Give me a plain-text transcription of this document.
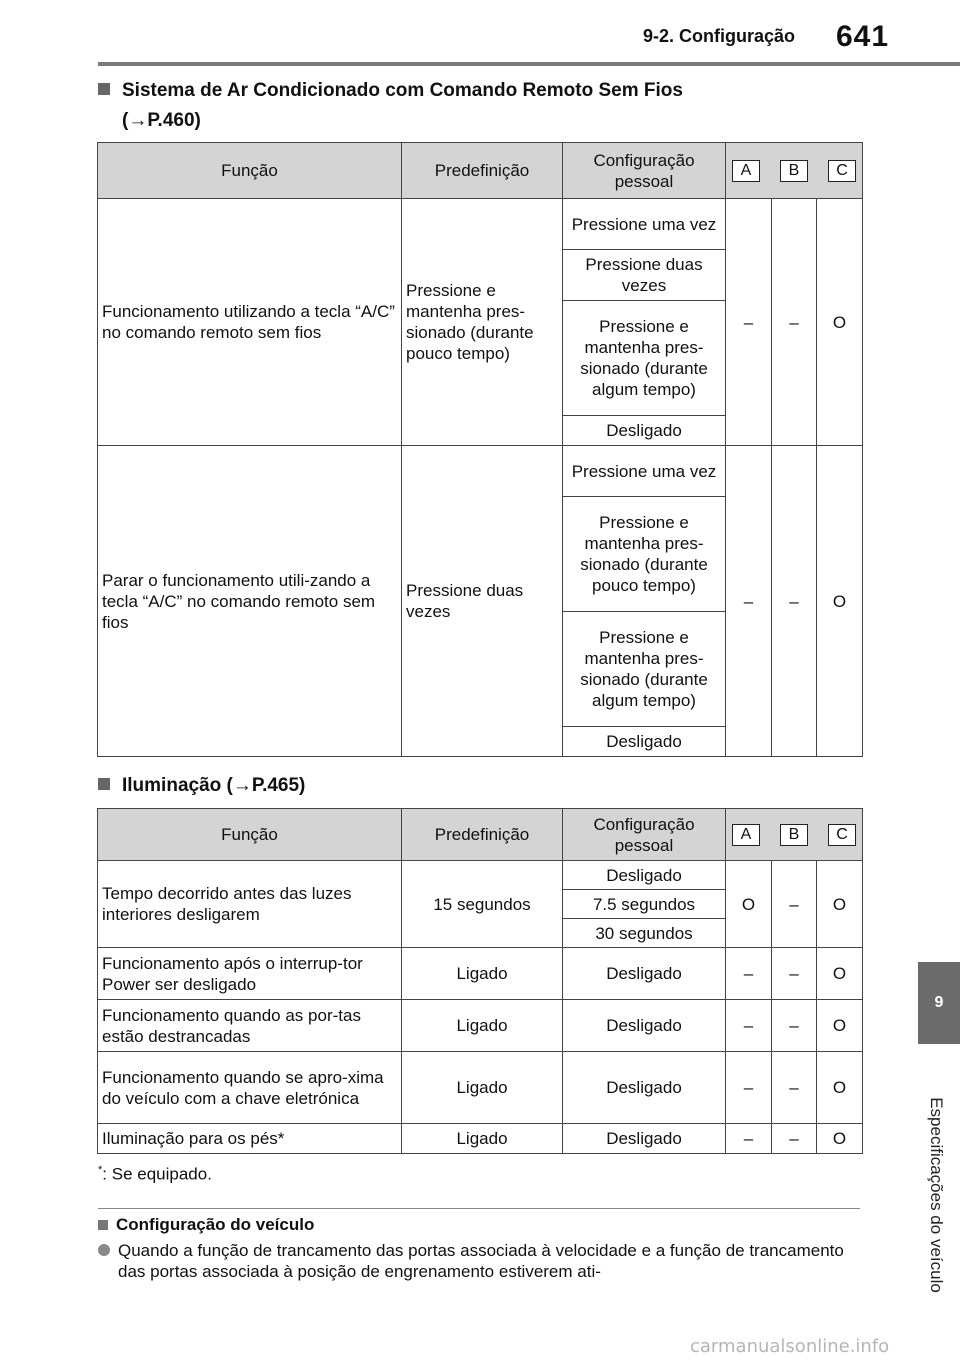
9-2. Configuração 641
9
Especificações do veículo
Sistema de Ar Condicionado com Comando Remoto Sem Fios
(→P.460)
Função	Predefinição	Configuração pessoal	A B C		

Funcionamento utilizando a tecla “A/C” no comando remoto sem fios	Pressione e mantenha pres-sionado (durante pouco tempo)	Pressione uma vez	–	–	O
		Pressione duas vezes			
		Pressione e mantenha pres-sionado (durante algum tempo)			
		Desligado			
Parar o funcionamento utili-zando a tecla “A/C” no comando remoto sem fios	Pressione duas vezes	Pressione uma vez	–	–	O
		Pressione e mantenha pres-sionado (durante pouco tempo)			
		Pressione e mantenha pres-sionado (durante algum tempo)			
		Desligado			
Iluminação (→P.465)
Função	Predefinição	Configuração pessoal	A B C		

Tempo decorrido antes das luzes interiores desligarem	15 segundos	Desligado	O	–	O
		7.5 segundos			
		30 segundos			
Funcionamento após o interrup-tor Power ser desligado	Ligado	Desligado	–	–	O
Funcionamento quando as por-tas estão destrancadas	Ligado	Desligado	–	–	O
Funcionamento quando se apro-xima do veículo com a chave eletrónica	Ligado	Desligado	–	–	O
Iluminação para os pés*	Ligado	Desligado	–	–	O
*: Se equipado.
Configuração do veículo
Quando a função de trancamento das portas associada à velocidade e a função de trancamento das portas associada à posição de engrenamento estiverem ati-
carmanualsonline.info
